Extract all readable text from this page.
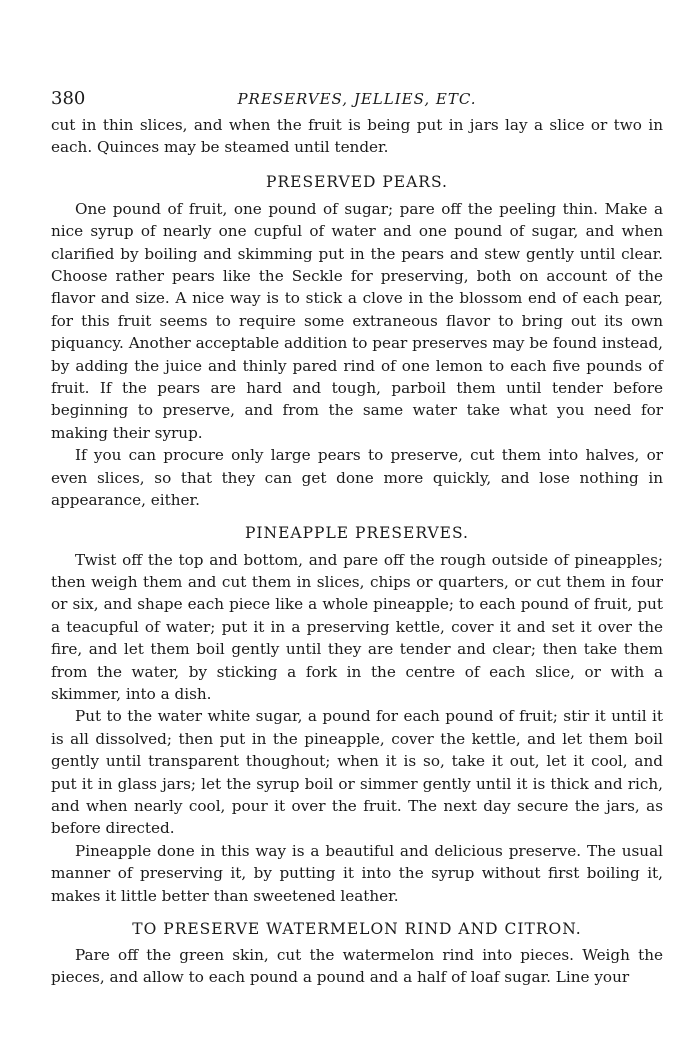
380	PRESERVES, JELLIES, ETC.

cut in thin slices, and when the fruit is being put in jars lay a slice or two in each. Quinces may be steamed until tender.

PRESERVED PEARS.

One pound of fruit, one pound of sugar; pare off the peeling thin. Make a nice syrup of nearly one cupful of water and one pound of sugar, and when clarified by boiling and skimming put in the pears and stew gently until clear. Choose rather pears like the Seckle for preserving, both on account of the flavor and size. A nice way is to stick a clove in the blossom end of each pear, for this fruit seems to require some extraneous flavor to bring out its own piquancy. Another acceptable addition to pear preserves may be found instead, by adding the juice and thinly pared rind of one lemon to each five pounds of fruit. If the pears are hard and tough, parboil them until tender before beginning to preserve, and from the same water take what you need for making their syrup.

If you can procure only large pears to preserve, cut them into halves, or even slices, so that they can get done more quickly, and lose nothing in appearance, either.

PINEAPPLE PRESERVES.

Twist off the top and bottom, and pare off the rough outside of pineapples; then weigh them and cut them in slices, chips or quarters, or cut them in four or six, and shape each piece like a whole pineapple; to each pound of fruit, put a teacupful of water; put it in a preserving kettle, cover it and set it over the fire, and let them boil gently until they are tender and clear; then take them from the water, by sticking a fork in the centre of each slice, or with a skimmer, into a dish.

Put to the water white sugar, a pound for each pound of fruit; stir it until it is all dissolved; then put in the pineapple, cover the kettle, and let them boil gently until transparent thoughout; when it is so, take it out, let it cool, and put it in glass jars; let the syrup boil or simmer gently until it is thick and rich, and when nearly cool, pour it over the fruit. The next day secure the jars, as before directed.

Pineapple done in this way is a beautiful and delicious preserve. The usual manner of preserving it, by putting it into the syrup without first boiling it, makes it little better than sweetened leather.

TO PRESERVE WATERMELON RIND AND CITRON.

Pare off the green skin, cut the watermelon rind into pieces. Weigh the pieces, and allow to each pound a pound and a half of loaf sugar. Line your
